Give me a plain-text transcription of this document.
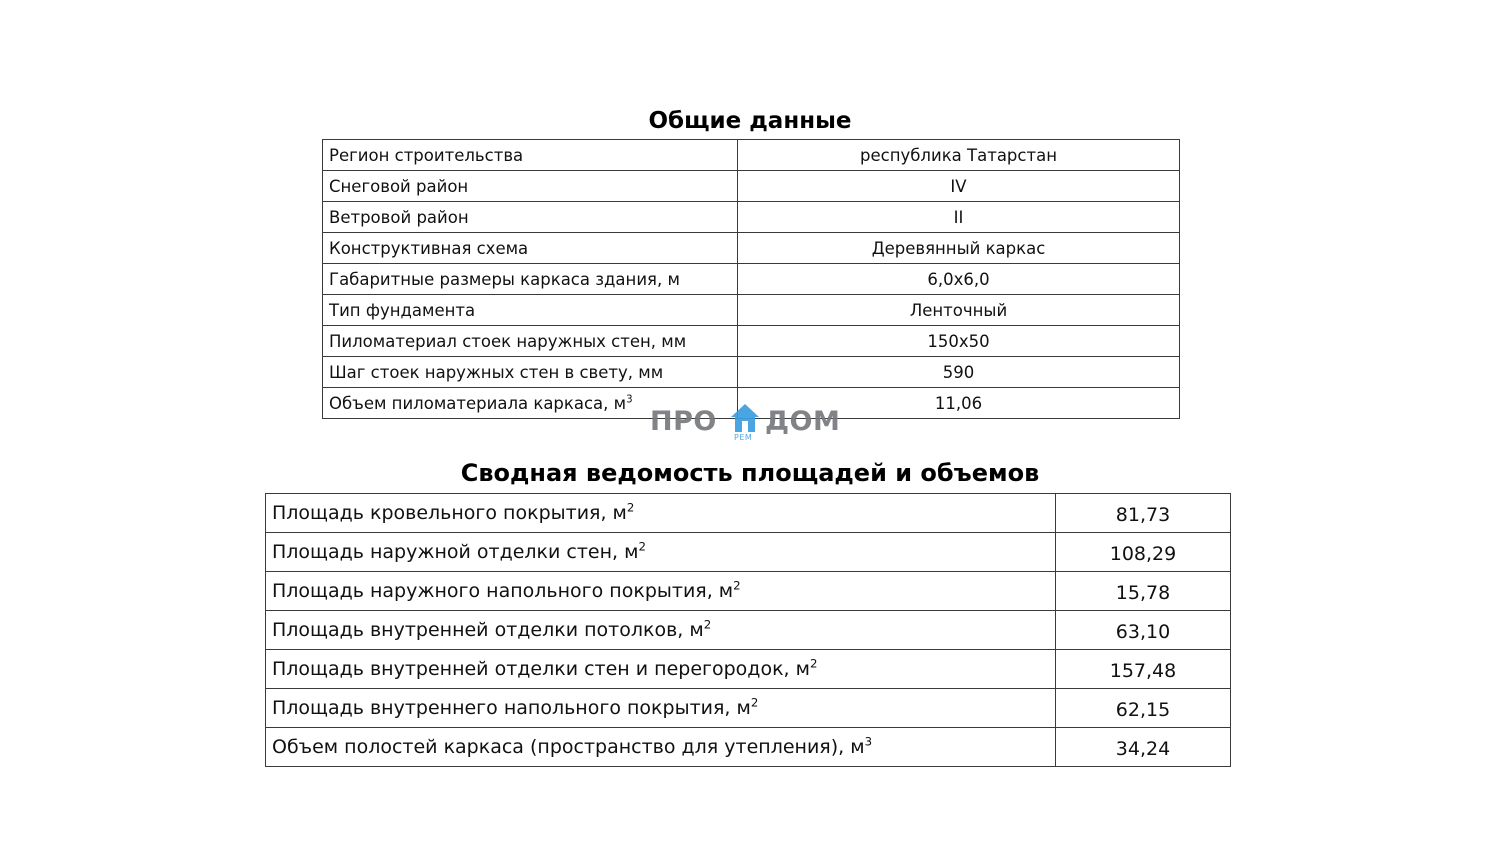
Общие данные
Регион строительства	республика Татарстан
Снеговой район	IV
Ветровой район	II
Конструктивная схема	Деревянный каркас
Габаритные размеры каркаса здания, м	6,0х6,0
Тип фундамента	Ленточный
Пиломатериал стоек наружных стен, мм	150х50
Шаг стоек наружных стен в свету, мм	590
Объем пиломатериала каркаса, $м^3$	11,06
ПРО
РЕМ
ДОМ
Сводная ведомость площадей и объемов
Площадь кровельного покрытия, $м^2$	81,73
Площадь наружной отделки стен, $м^2$	108,29
Площадь наружного напольного покрытия, $м^2$	15,78
Площадь внутренней отделки потолков, $м^2$	63,10
Площадь внутренней отделки стен и перегородок, $м^2$	157,48
Площадь внутреннего напольного покрытия, $м^2$	62,15
Объем полостей каркаса (пространство для утепления), $м^3$	34,24
